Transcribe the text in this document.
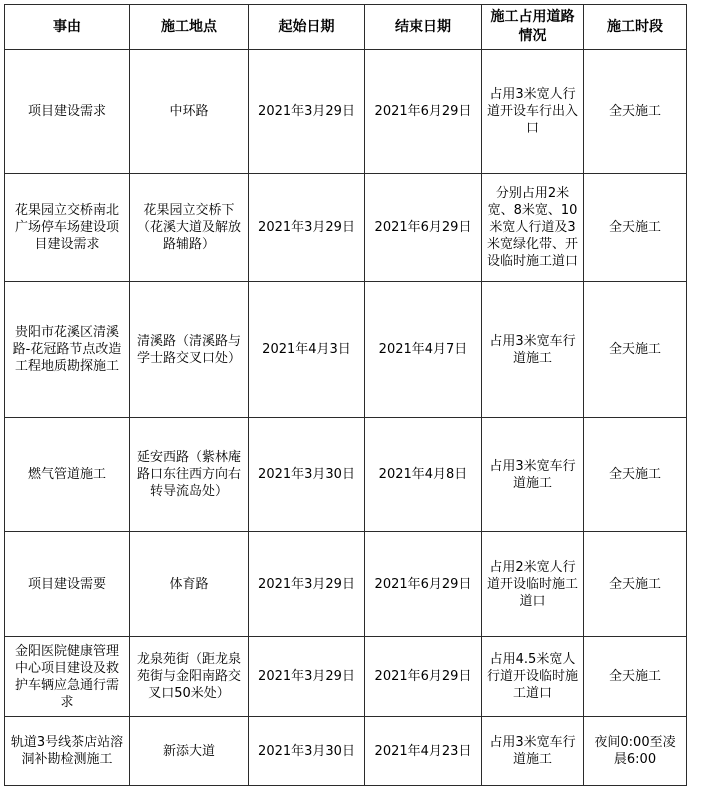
事由	施工地点	起始日期	结束日期	施工占用道路情况	施工时段
项目建设需求	中环路	2021年3月29日	2021年6月29日	占用3米宽人行道开设车行出入口	全天施工
花果园立交桥南北广场停车场建设项目建设需求	花果园立交桥下（花溪大道及解放路辅路）	2021年3月29日	2021年6月29日	分别占用2米宽、8米宽、10米宽人行道及3米宽绿化带、开设临时施工道口	全天施工
贵阳市花溪区清溪路-花冠路节点改造工程地质勘探施工	清溪路（清溪路与学士路交叉口处）	2021年4月3日	2021年4月7日	占用3米宽车行道施工	全天施工
燃气管道施工	延安西路（紫林庵路口东往西方向右转导流岛处）	2021年3月30日	2021年4月8日	占用3米宽车行道施工	全天施工
项目建设需要	体育路	2021年3月29日	2021年6月29日	占用2米宽人行道开设临时施工道口	全天施工
金阳医院健康管理中心项目建设及救护车辆应急通行需求	龙泉苑街（距龙泉苑街与金阳南路交叉口50米处）	2021年3月29日	2021年6月29日	占用4.5米宽人行道开设临时施工道口	全天施工
轨道3号线茶店站溶洞补勘检测施工	新添大道	2021年3月30日	2021年4月23日	占用3米宽车行道施工	夜间0:00至凌晨6:00
